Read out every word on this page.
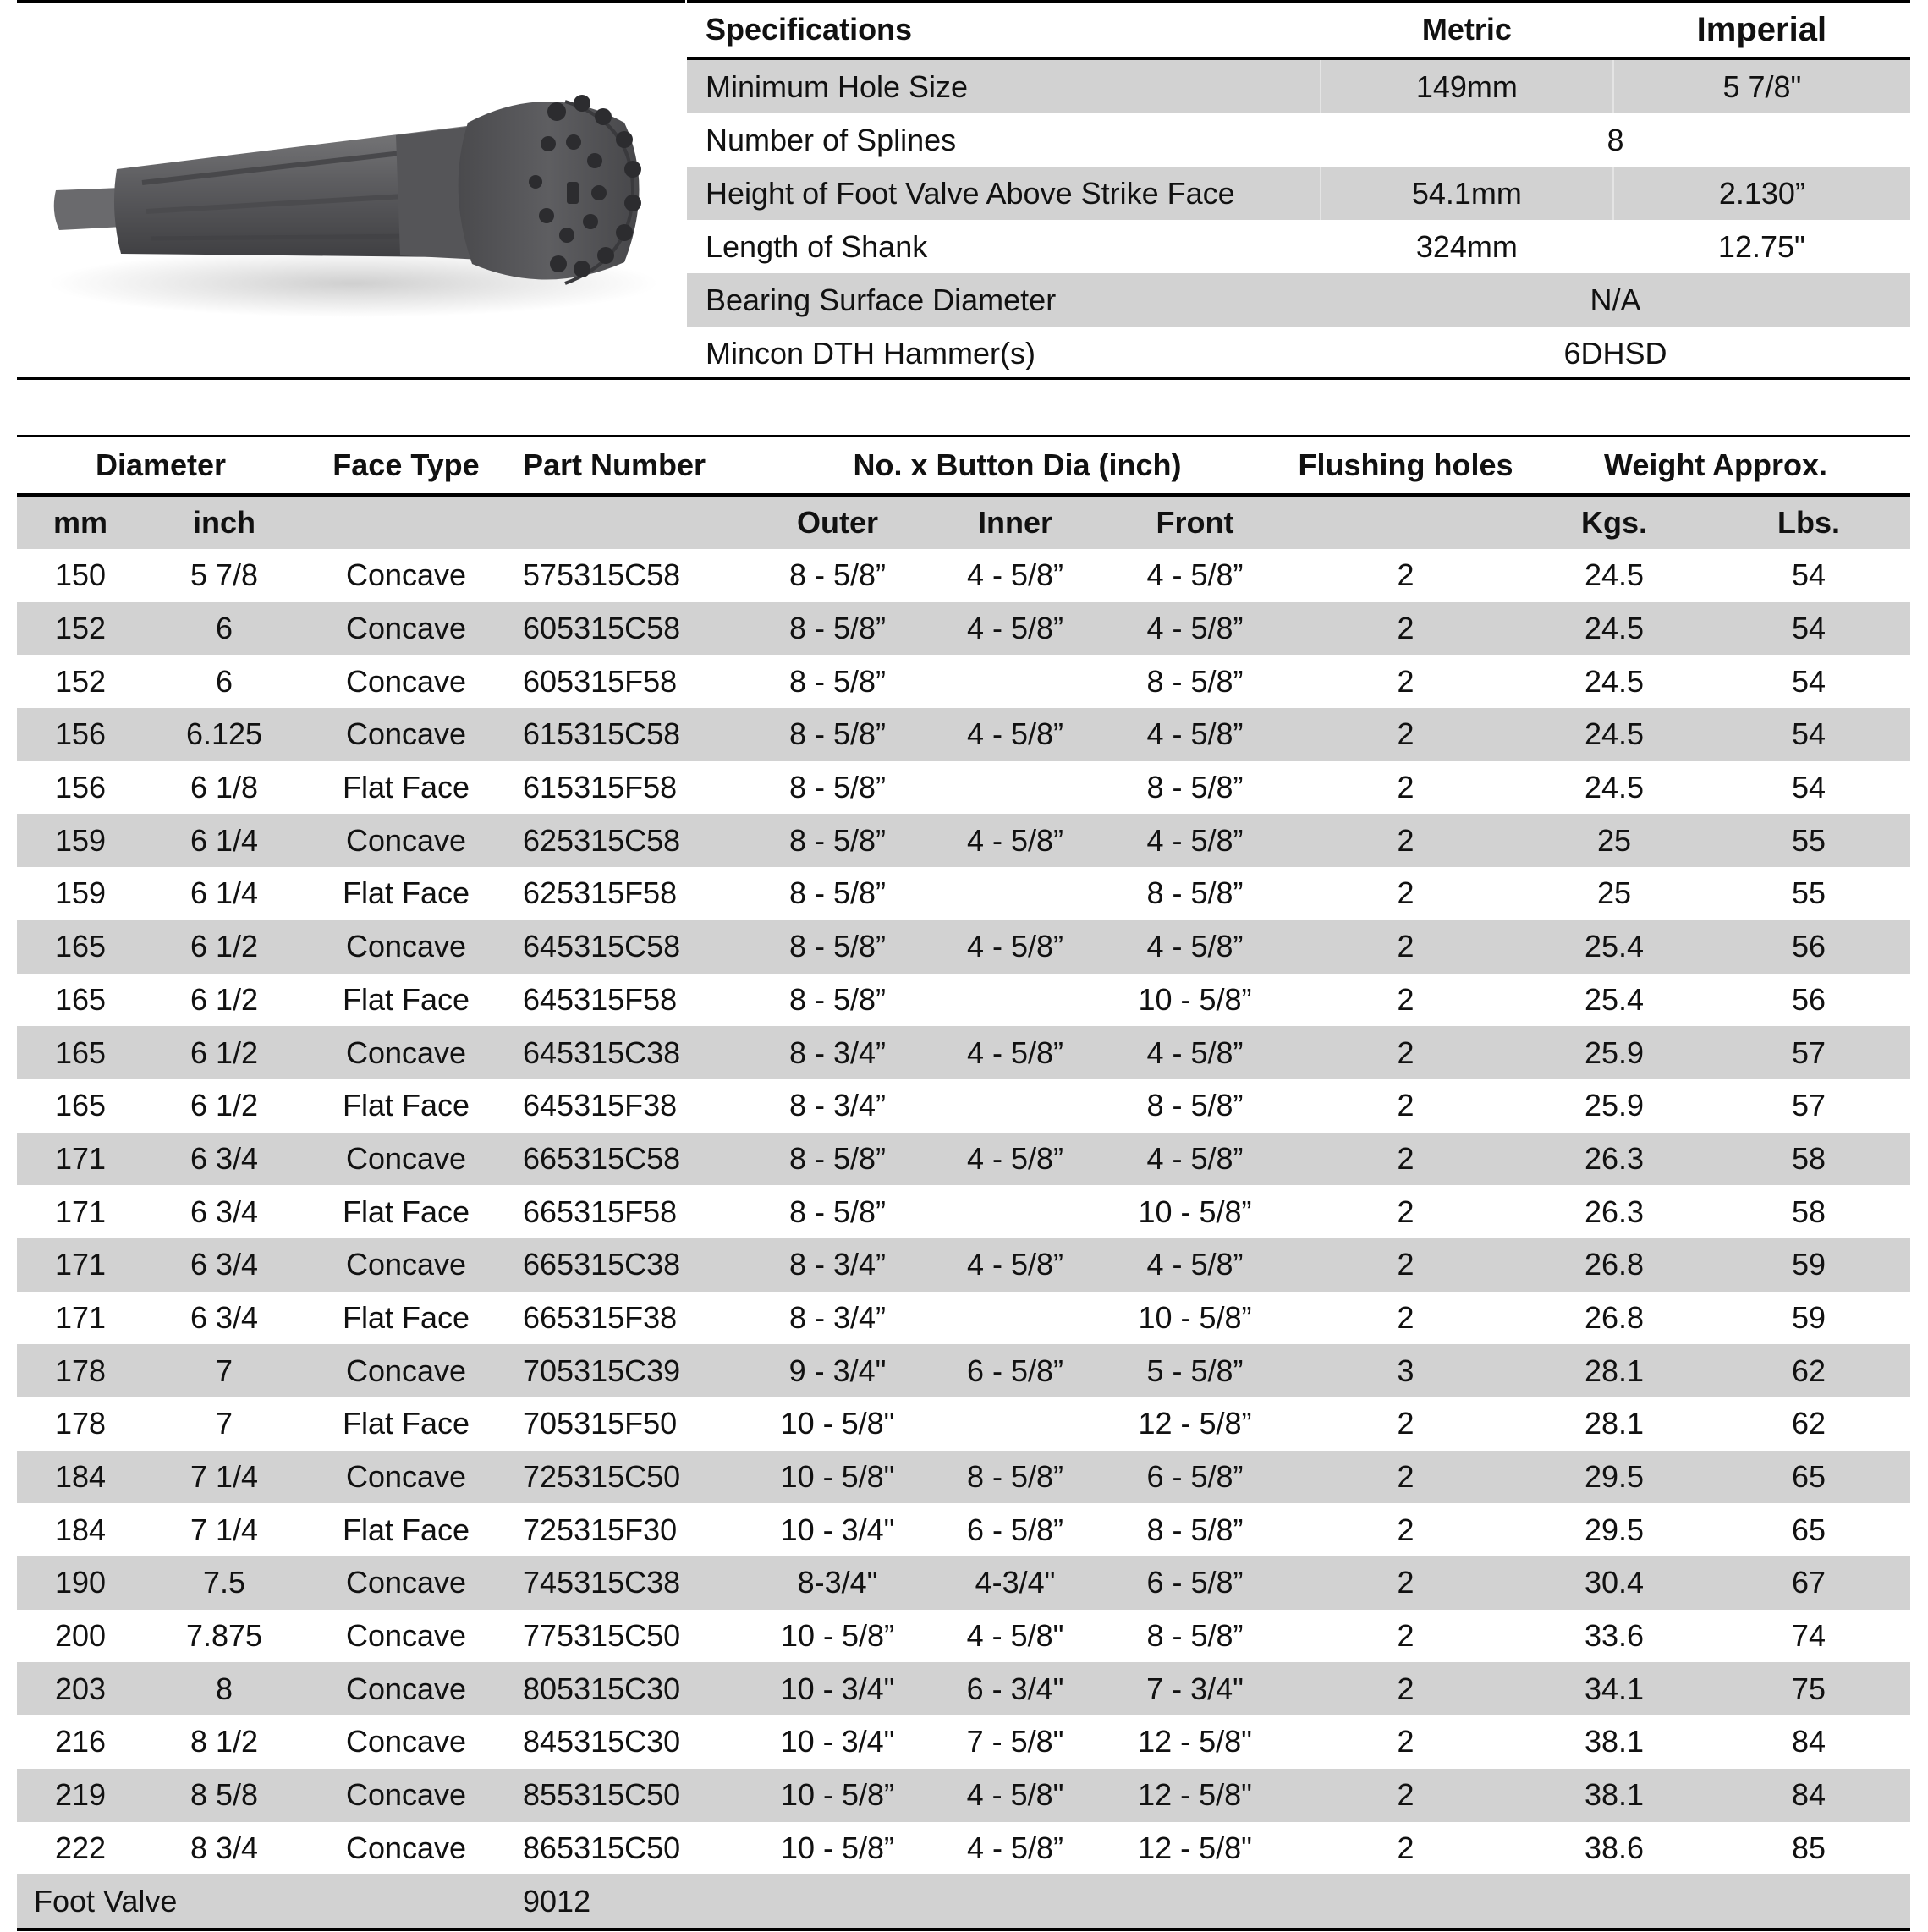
Specifications	Metric	Imperial
Minimum Hole Size	149mm	5 7/8"
Number of Splines	8	
Height of Foot Valve Above Strike Face	54.1mm	2.130”
Length of Shank	324mm	12.75"
Bearing Surface Diameter	N/A	
Mincon DTH Hammer(s)	6DHSD	
Diameter		Face Type	Part Number	No. x Button Dia (inch)			Flushing holes	Weight Approx.	
mm	inch			Outer	Inner	Front		Kgs.	Lbs.
150	5 7/8	Concave	575315C58	8 - 5/8”	4 - 5/8”	4 - 5/8”	2	24.5	54
152	6	Concave	605315C58	8 - 5/8”	4 - 5/8”	4 - 5/8”	2	24.5	54
152	6	Concave	605315F58	8 - 5/8”		8 - 5/8”	2	24.5	54
156	6.125	Concave	615315C58	8 - 5/8”	4 - 5/8”	4 - 5/8”	2	24.5	54
156	6 1/8	Flat Face	615315F58	8 - 5/8”		8 - 5/8”	2	24.5	54
159	6 1/4	Concave	625315C58	8 - 5/8”	4 - 5/8”	4 - 5/8”	2	25	55
159	6 1/4	Flat Face	625315F58	8 - 5/8”		8 - 5/8”	2	25	55
165	6 1/2	Concave	645315C58	8 - 5/8”	4 - 5/8”	4 - 5/8”	2	25.4	56
165	6 1/2	Flat Face	645315F58	8 - 5/8”		10 - 5/8”	2	25.4	56
165	6 1/2	Concave	645315C38	8 - 3/4”	4 - 5/8”	4 - 5/8”	2	25.9	57
165	6 1/2	Flat Face	645315F38	8 - 3/4”		8 - 5/8”	2	25.9	57
171	6 3/4	Concave	665315C58	8 - 5/8”	4 - 5/8”	4 - 5/8”	2	26.3	58
171	6 3/4	Flat Face	665315F58	8 - 5/8”		10 - 5/8”	2	26.3	58
171	6 3/4	Concave	665315C38	8 - 3/4”	4 - 5/8”	4 - 5/8”	2	26.8	59
171	6 3/4	Flat Face	665315F38	8 - 3/4”		10 - 5/8”	2	26.8	59
178	7	Concave	705315C39	9 - 3/4"	6 - 5/8”	5 - 5/8”	3	28.1	62
178	7	Flat Face	705315F50	10 - 5/8"		12 - 5/8”	2	28.1	62
184	7 1/4	Concave	725315C50	10 - 5/8"	8 - 5/8”	6 - 5/8”	2	29.5	65
184	7 1/4	Flat Face	725315F30	10 - 3/4"	6 - 5/8”	8 - 5/8”	2	29.5	65
190	7.5	Concave	745315C38	8-3/4"	4-3/4"	6 - 5/8”	2	30.4	67
200	7.875	Concave	775315C50	10 - 5/8”	4 - 5/8"	8 - 5/8”	2	33.6	74
203	8	Concave	805315C30	10 - 3/4"	6 - 3/4"	7 - 3/4"	2	34.1	75
216	8 1/2	Concave	845315C30	10 - 3/4"	7 - 5/8"	12 - 5/8"	2	38.1	84
219	8 5/8	Concave	855315C50	10 - 5/8”	4 - 5/8"	12 - 5/8"	2	38.1	84
222	8 3/4	Concave	865315C50	10 - 5/8”	4 - 5/8”	12 - 5/8"	2	38.6	85
Foot Valve			9012						
